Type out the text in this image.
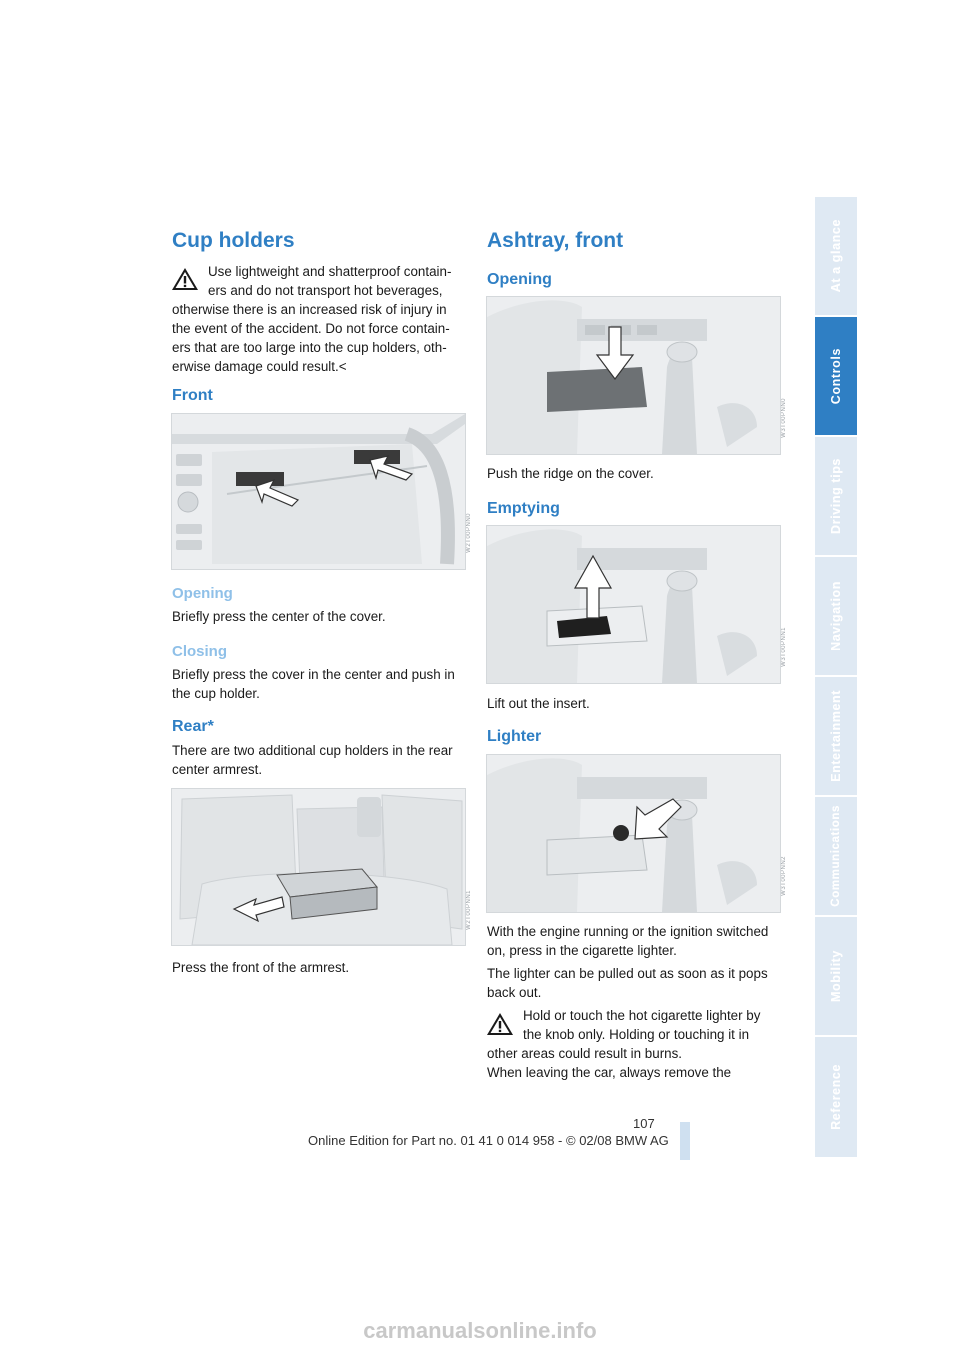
Cup holders
Use lightweight and shatterproof contain-
ers and do not transport hot beverages,
otherwise there is an increased risk of injury in
the event of the accident. Do not force contain-
ers that are too large into the cup holders, oth-
erwise damage could result.<
Front
W2T00PNN0
Opening
Briefly press the center of the cover.
Closing
Briefly press the cover in the center and push in
the cup holder.
Rear*
There are two additional cup holders in the rear
center armrest.
W2T00PNN1
Press the front of the armrest.
Ashtray, front
Opening
W3T00PNN0
Push the ridge on the cover.
Emptying
W3T00PNN1
Lift out the insert.
Lighter
W3T00PNN2
With the engine running or the ignition switched
on, press in the cigarette lighter.
The lighter can be pulled out as soon as it pops
back out.
Hold or touch the hot cigarette lighter by
the knob only. Holding or touching it in
other areas could result in burns.
When leaving the car, always remove the
At a glance
Controls
Driving tips
Navigation
Entertainment
Communications
Mobility
Reference
107
Online Edition for Part no. 01 41 0 014 958 - © 02/08 BMW AG
carmanualsonline.info
